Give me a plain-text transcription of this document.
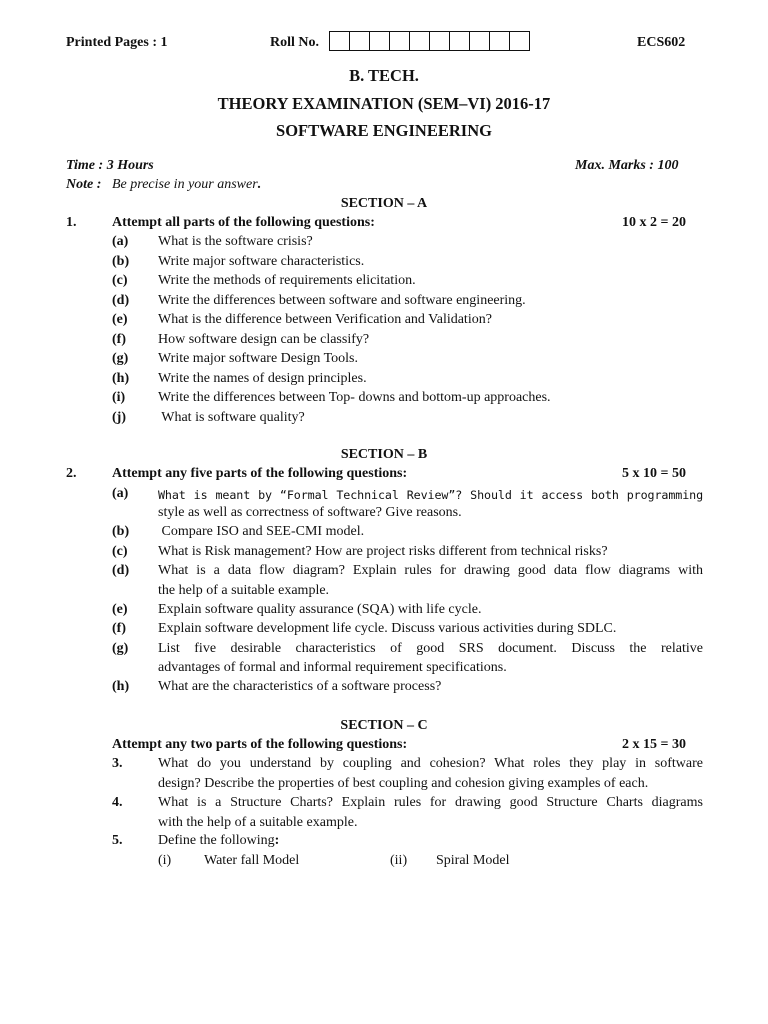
Printed Pages : 1	Roll No.	ECS602
B. TECH.
THEORY EXAMINATION (SEM–VI) 2016-17
SOFTWARE ENGINEERING
Time : 3 Hours	Max. Marks : 100
Note : Be precise in your answer.
SECTION – A
1.	Attempt all parts of the following questions:	10 x 2 = 20
(a) What is the software crisis?
(b) Write major software characteristics.
(c) Write the methods of requirements elicitation.
(d) Write the differences between software and software engineering.
(e) What is the difference between Verification and Validation?
(f) How software design can be classify?
(g) Write major software Design Tools.
(h) Write the names of design principles.
(i) Write the differences between Top- downs and bottom-up approaches.
(j) What is software quality?
SECTION – B
2.	Attempt any five parts of the following questions:	5 x 10 = 50
(a)	What is meant by “Formal Technical Review”? Should it access both programming
style as well as correctness of software? Give reasons.
(b) Compare ISO and SEE-CMI model.
(c) What is Risk management? How are project risks different from technical risks?
(d) What is a data flow diagram? Explain rules for drawing good data flow diagrams with
the help of a suitable example.
(e) Explain software quality assurance (SQA) with life cycle.
(f) Explain software development life cycle. Discuss various activities during SDLC.
(g) List five desirable characteristics of good SRS document. Discuss the relative
advantages of formal and informal requirement specifications.
(h) What are the characteristics of a software process?
SECTION – C
Attempt any two parts of the following questions:	2 x 15 = 30
3.	What do you understand by coupling and cohesion? What roles they play in software
design? Describe the properties of best coupling and cohesion giving examples of each.
4.	What is a Structure Charts? Explain rules for drawing good Structure Charts diagrams
with the help of a suitable example.
5.	Define the following:
(i) Water fall Model	(ii) Spiral Model
